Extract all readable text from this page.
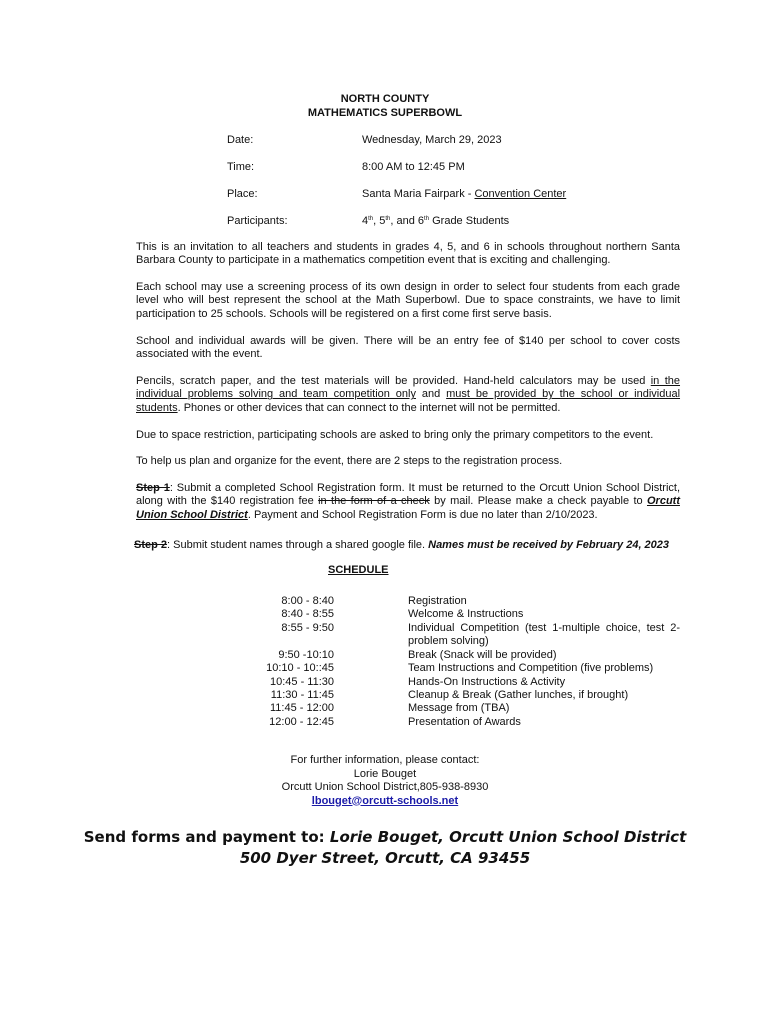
NORTH COUNTY
MATHEMATICS SUPERBOWL
Date:	Wednesday, March 29, 2023
Time:	8:00 AM to 12:45 PM
Place:	Santa Maria Fairpark - Convention Center
Participants:	4th, 5th, and 6th Grade Students

This is an invitation to all teachers and students in grades 4, 5, and 6 in schools throughout northern Santa Barbara County to participate in a mathematics competition event that is exciting and challenging.

Each school may use a screening process of its own design in order to select four students from each grade level who will best represent the school at the Math Superbowl. Due to space constraints, we have to limit participation to 25 schools. Schools will be registered on a first come first serve basis.

School and individual awards will be given. There will be an entry fee of $140 per school to cover costs associated with the event.

Pencils, scratch paper, and the test materials will be provided. Hand-held calculators may be used in the individual problems solving and team competition only and must be provided by the school or individual students. Phones or other devices that can connect to the internet will not be permitted.

Due to space restriction, participating schools are asked to bring only the primary competitors to the event.

To help us plan and organize for the event, there are 2 steps to the registration process.

Step 1: Submit a completed School Registration form. It must be returned to the Orcutt Union School District, along with the $140 registration fee in the form of a check by mail. Please make a check payable to Orcutt Union School District. Payment and School Registration Form is due no later than 2/10/2023.

Step 2: Submit student names through a shared google file. Names must be received by February 24, 2023

SCHEDULE
8:00 - 8:40	Registration
8:40 - 8:55	Welcome & Instructions
8:55 - 9:50	Individual Competition (test 1-multiple choice, test 2-problem solving)
9:50 -10:10	Break (Snack will be provided)
10:10 - 10::45	Team Instructions and Competition (five problems)
10:45 - 11:30	Hands-On Instructions & Activity
11:30 - 11:45	Cleanup & Break (Gather lunches, if brought)
11:45 - 12:00	Message from (TBA)
12:00 - 12:45	Presentation of Awards
For further information, please contact:
Lorie Bouget
Orcutt Union School District,805-938-8930
lbouget@orcutt-schools.net
Send forms and payment to: Lorie Bouget, Orcutt Union School District
500 Dyer Street, Orcutt, CA 93455
